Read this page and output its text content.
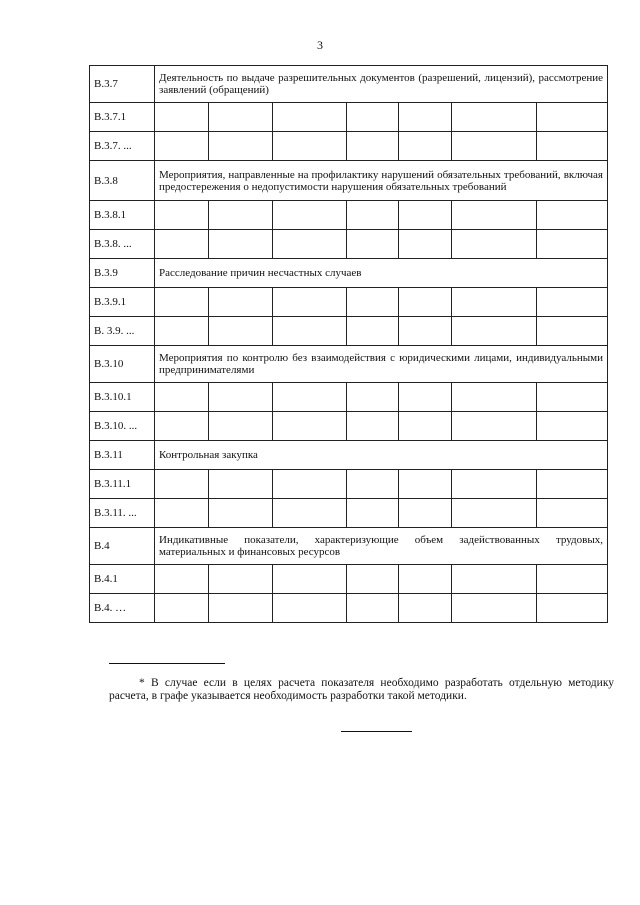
3
В.3.7	Деятельность по выдаче разрешительных документов (разрешений, лицензий), рассмотрение заявлений (обращений)						
В.3.7.1							
В.3.7. ...							
В.3.8	Мероприятия, направленные на профилактику нарушений обязательных требований, включая предостережения о недопустимости нарушения обязательных требований						
В.3.8.1							
В.3.8. ...							
В.3.9	Расследование причин несчастных случаев						
В.3.9.1							
В. 3.9. ...							
В.3.10	Мероприятия по контролю без взаимодействия с юридическими лицами, индивидуальными предпринимателями						
В.3.10.1							
В.3.10. ...							
В.3.11	Контрольная закупка						
В.3.11.1							
В.3.11. ...							
В.4	Индикативные показатели, характеризующие объем задействованных трудовых, материальных и финансовых ресурсов						
В.4.1							
В.4. …							
* В случае если в целях расчета показателя необходимо разработать отдельную методику расчета, в графе указывается необходимость разработки такой методики.
